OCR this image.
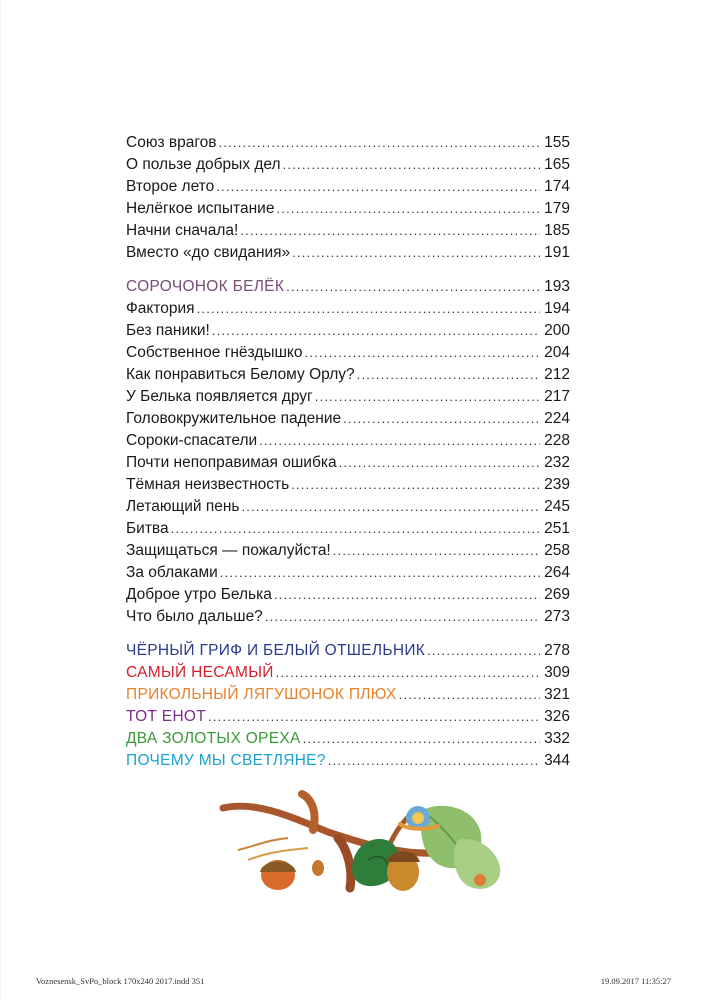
Союз врагов .....	155
О пользе добрых дел .....	165
Второе лето .....	174
Нелёгкое испытание .....	179
Начни сначала! .....	185
Вместо «до свидания» .....	191
СОРОЧОНОК БЕЛЁК .....	193
Фактория .....	194
Без паники! .....	200
Собственное гнёздышко .....	204
Как понравиться Белому Орлу? .....	212
У Белька появляется друг .....	217
Головокружительное падение .....	224
Сороки-спасатели .....	228
Почти непоправимая ошибка .....	232
Тёмная неизвестность .....	239
Летающий пень .....	245
Битва .....	251
Защищаться — пожалуйста! .....	258
За облаками .....	264
Доброе утро Белька .....	269
Что было дальше? .....	273
ЧЁРНЫЙ ГРИФ И БЕЛЫЙ ОТШЕЛЬНИК .....	278
САМЫЙ НЕСАМЫЙ .....	309
ПРИКОЛЬНЫЙ ЛЯГУШОНОК ПЛЮХ .....	321
ТОТ ЕНОТ .....	326
ДВА ЗОЛОТЫХ ОРЕХА .....	332
ПОЧЕМУ МЫ СВЕТЛЯНЕ? .....	344
Voznesensk_SvPo_block 170x240 2017.indd 351	19.09.2017 11:35:27
